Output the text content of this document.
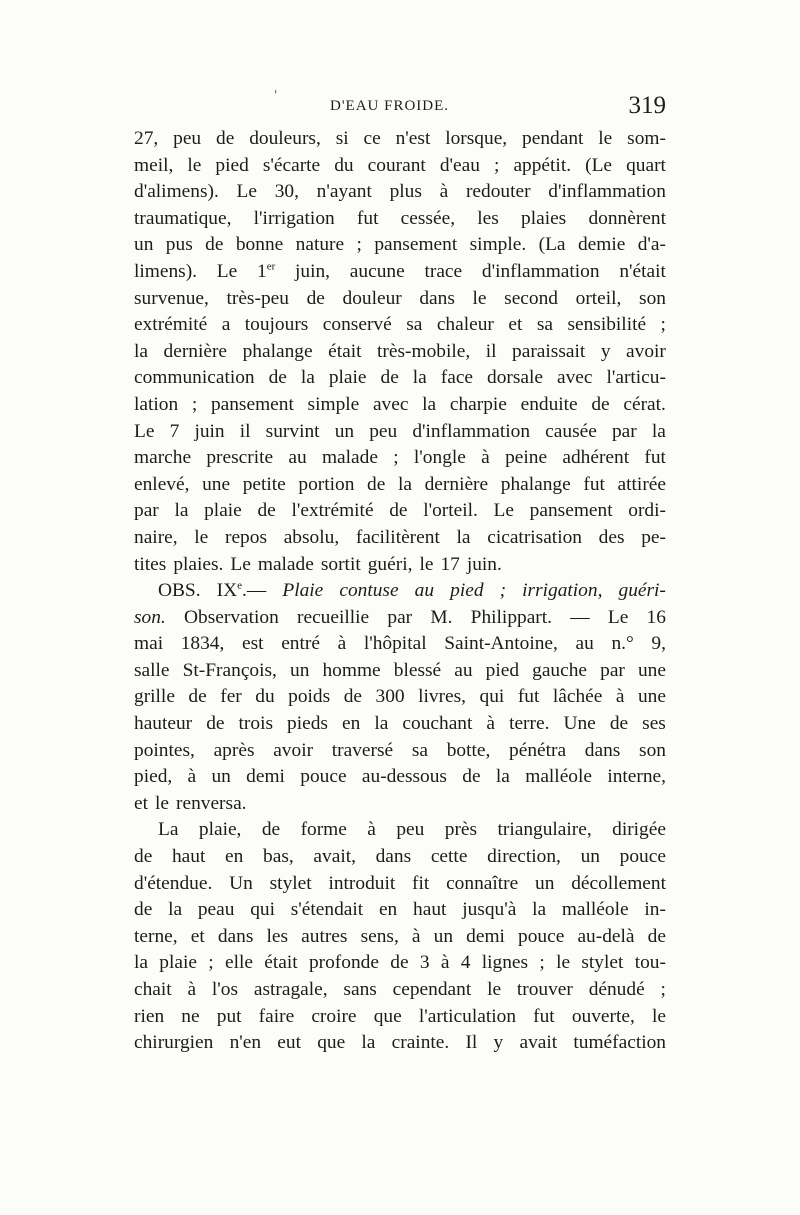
'
D'EAU FROIDE.	319
27, peu de douleurs, si ce n'est lorsque, pendant le som-
meil, le pied s'écarte du courant d'eau ; appétit. (Le quart
d'alimens). Le 30, n'ayant plus à redouter d'inflammation
traumatique, l'irrigation fut cessée, les plaies donnèrent
un pus de bonne nature ; pansement simple. (La demie d'a-
limens). Le 1er juin, aucune trace d'inflammation n'était
survenue, très-peu de douleur dans le second orteil, son
extrémité a toujours conservé sa chaleur et sa sensibilité ;
la dernière phalange était très-mobile, il paraissait y avoir
communication de la plaie de la face dorsale avec l'articu-
lation ; pansement simple avec la charpie enduite de cérat.
Le 7 juin il survint un peu d'inflammation causée par la
marche prescrite au malade ; l'ongle à peine adhérent fut
enlevé, une petite portion de la dernière phalange fut attirée
par la plaie de l'extrémité de l'orteil. Le pansement ordi-
naire, le repos absolu, facilitèrent la cicatrisation des pe-
tites plaies. Le malade sortit guéri, le 17 juin.
OBS. IXe.— Plaie contuse au pied ; irrigation, guéri-
son. Observation recueillie par M. Philippart. — Le 16
mai 1834, est entré à l'hôpital Saint-Antoine, au n.° 9,
salle St-François, un homme blessé au pied gauche par une
grille de fer du poids de 300 livres, qui fut lâchée à une
hauteur de trois pieds en la couchant à terre. Une de ses
pointes, après avoir traversé sa botte, pénétra dans son
pied, à un demi pouce au-dessous de la malléole interne,
et le renversa.
La plaie, de forme à peu près triangulaire, dirigée
de haut en bas, avait, dans cette direction, un pouce
d'étendue. Un stylet introduit fit connaître un décollement
de la peau qui s'étendait en haut jusqu'à la malléole in-
terne, et dans les autres sens, à un demi pouce au-delà de
la plaie ; elle était profonde de 3 à 4 lignes ; le stylet tou-
chait à l'os astragale, sans cependant le trouver dénudé ;
rien ne put faire croire que l'articulation fut ouverte, le
chirurgien n'en eut que la crainte. Il y avait tuméfaction
